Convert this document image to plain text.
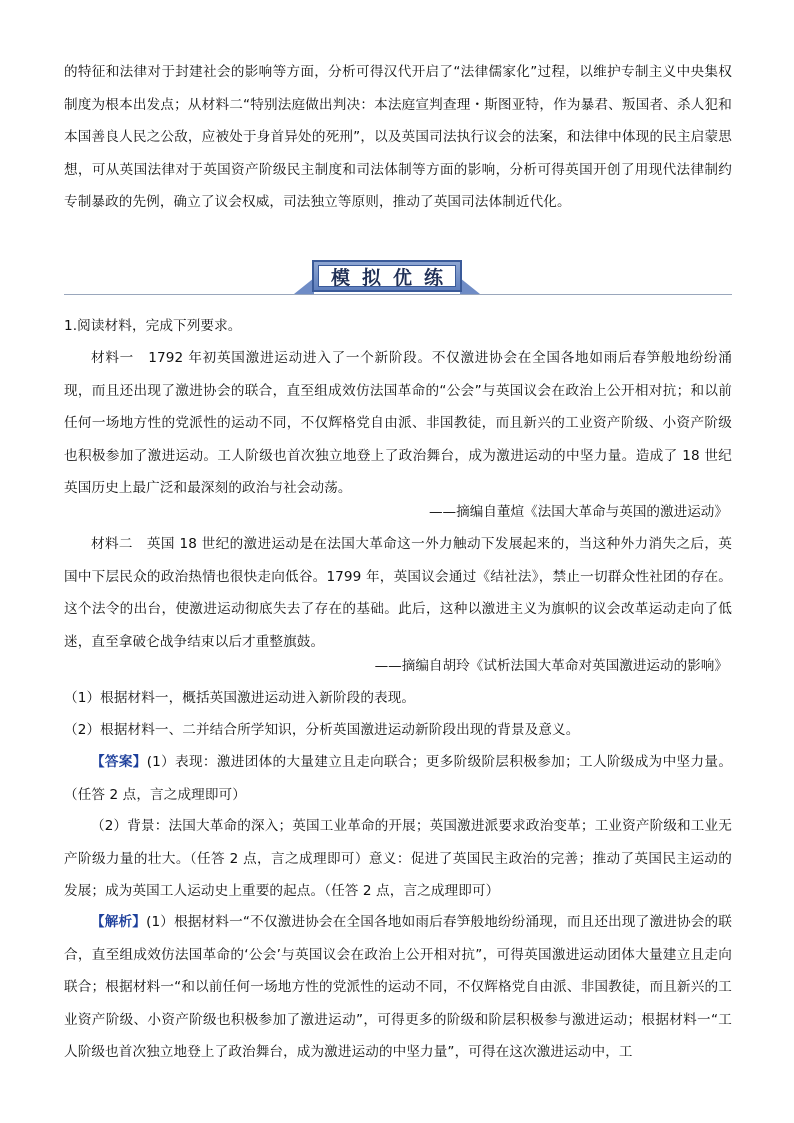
的特征和法律对于封建社会的影响等方面，分析可得汉代开启了“法律儒家化”过程，以维护专制主义中央集权制度为根本出发点；从材料二“特别法庭做出判决：本法庭宣判查理・斯图亚特，作为暴君、叛国者、杀人犯和本国善良人民之公敌，应被处于身首异处的死刑”，以及英国司法执行议会的法案，和法律中体现的民主启蒙思想，可从英国法律对于英国资产阶级民主制度和司法体制等方面的影响，分析可得英国开创了用现代法律制约专制暴政的先例，确立了议会权威，司法独立等原则，推动了英国司法体制近代化。

模拟优练

1.阅读材料，完成下列要求。

材料一　1792 年初英国激进运动进入了一个新阶段。不仅激进协会在全国各地如雨后春笋般地纷纷涌现，而且还出现了激进协会的联合，直至组成效仿法国革命的“公会”与英国议会在政治上公开相对抗；和以前任何一场地方性的党派性的运动不同，不仅辉格党自由派、非国教徒，而且新兴的工业资产阶级、小资产阶级也积极参加了激进运动。工人阶级也首次独立地登上了政治舞台，成为激进运动的中坚力量。造成了 18 世纪英国历史上最广泛和最深刻的政治与社会动荡。

——摘编自董煊《法国大革命与英国的激进运动》

材料二　英国 18 世纪的激进运动是在法国大革命这一外力触动下发展起来的，当这种外力消失之后，英国中下层民众的政治热情也很快走向低谷。1799 年，英国议会通过《结社法》，禁止一切群众性社团的存在。这个法令的出台，使激进运动彻底失去了存在的基础。此后，这种以激进主义为旗帜的议会改革运动走向了低迷，直至拿破仑战争结束以后才重整旗鼓。

——摘编自胡玲《试析法国大革命对英国激进运动的影响》

（1）根据材料一，概括英国激进运动进入新阶段的表现。

（2）根据材料一、二并结合所学知识，分析英国激进运动新阶段出现的背景及意义。

【答案】(1）表现：激进团体的大量建立且走向联合；更多阶级阶层积极参加；工人阶级成为中坚力量。（任答 2 点，言之成理即可）

（2）背景：法国大革命的深入；英国工业革命的开展；英国激进派要求政治变革；工业资产阶级和工业无产阶级力量的壮大。（任答 2 点，言之成理即可）意义：促进了英国民主政治的完善；推动了英国民主运动的发展；成为英国工人运动史上重要的起点。（任答 2 点，言之成理即可）

【解析】(1）根据材料一“不仅激进协会在全国各地如雨后春笋般地纷纷涌现，而且还出现了激进协会的联合，直至组成效仿法国革命的‘公会’与英国议会在政治上公开相对抗”，可得英国激进运动团体大量建立且走向联合；根据材料一“和以前任何一场地方性的党派性的运动不同，不仅辉格党自由派、非国教徒，而且新兴的工业资产阶级、小资产阶级也积极参加了激进运动”，可得更多的阶级和阶层积极参与激进运动；根据材料一“工人阶级也首次独立地登上了政治舞台，成为激进运动的中坚力量”，可得在这次激进运动中，工
